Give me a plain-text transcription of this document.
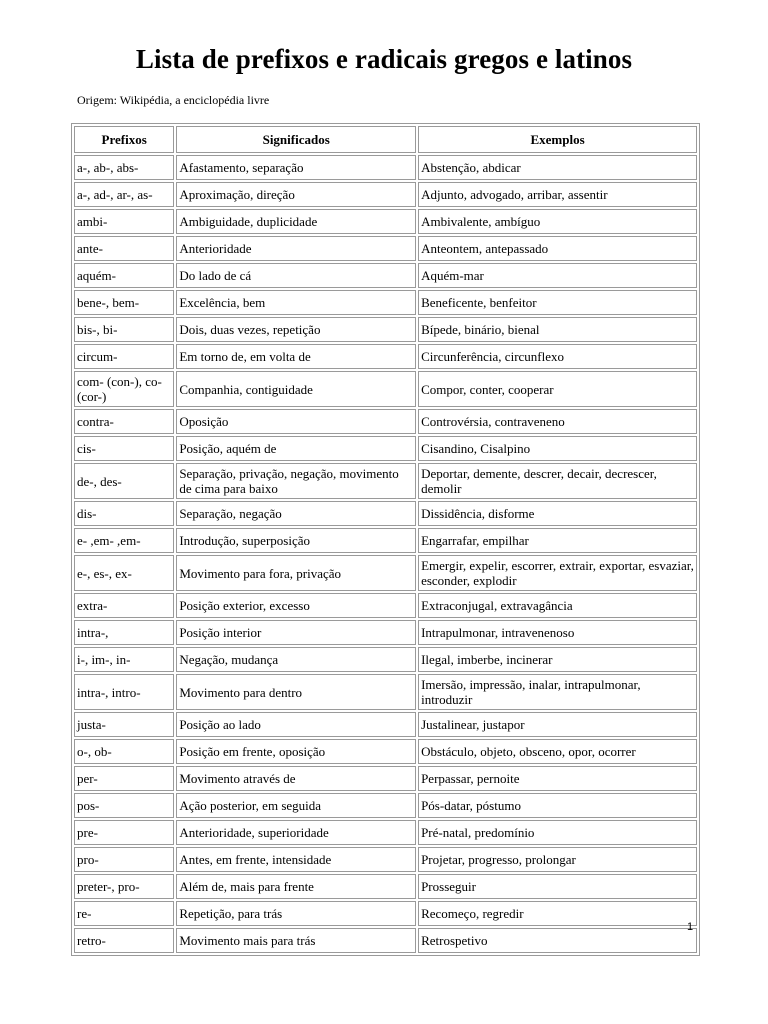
Lista de prefixos e radicais gregos e latinos
Origem: Wikipédia, a enciclopédia livre
Prefixos	Significados	Exemplos
a-, ab-, abs-	Afastamento, separação	Abstenção, abdicar
a-, ad-, ar-, as-	Aproximação, direção	Adjunto, advogado, arribar, assentir
ambi-	Ambiguidade, duplicidade	Ambivalente, ambíguo
ante-	Anterioridade	Anteontem, antepassado
aquém-	Do lado de cá	Aquém-mar
bene-, bem-	Excelência, bem	Beneficente, benfeitor
bis-, bi-	Dois, duas vezes, repetição	Bípede, binário, bienal
circum-	Em torno de, em volta de	Circunferência, circunflexo
com- (con-), co- (cor-)	Companhia, contiguidade	Compor, conter, cooperar
contra-	Oposição	Controvérsia, contraveneno
cis-	Posição, aquém de	Cisandino, Cisalpino
de-, des-	Separação, privação, negação, movimento de cima para baixo	Deportar, demente, descrer, decair, decrescer, demolir
dis-	Separação, negação	Dissidência, disforme
e- ,em- ,em-	Introdução, superposição	Engarrafar, empilhar
e-, es-, ex-	Movimento para fora, privação	Emergir, expelir, escorrer, extrair, exportar, esvaziar, esconder, explodir
extra-	Posição exterior, excesso	Extraconjugal, extravagância
intra-,	Posição interior	Intrapulmonar, intravenenoso
i-, im-, in-	Negação, mudança	Ilegal, imberbe, incinerar
intra-, intro-	Movimento para dentro	Imersão, impressão, inalar, intrapulmonar, introduzir
justa-	Posição ao lado	Justalinear, justapor
o-, ob-	Posição em frente, oposição	Obstáculo, objeto, obsceno, opor, ocorrer
per-	Movimento através de	Perpassar, pernoite
pos-	Ação posterior, em seguida	Pós-datar, póstumo
pre-	Anterioridade, superioridade	Pré-natal, predomínio
pro-	Antes, em frente, intensidade	Projetar, progresso, prolongar
preter-, pro-	Além de, mais para frente	Prosseguir
re-	Repetição, para trás	Recomeço, regredir
retro-	Movimento mais para trás	Retrospetivo
1
